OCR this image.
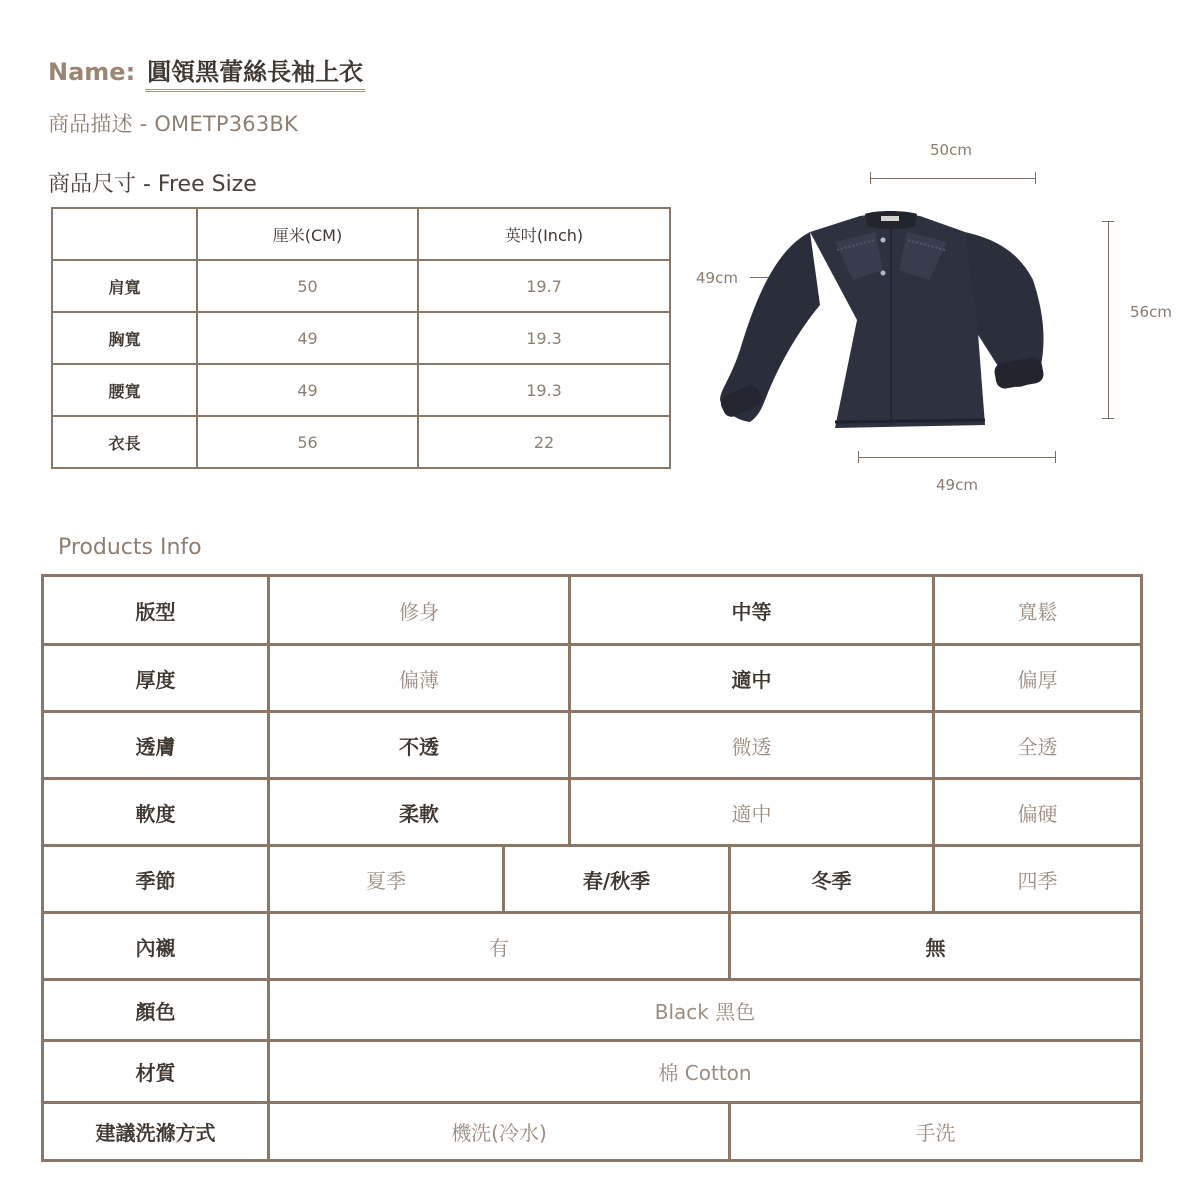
Name: 圓領黑蕾絲長袖上衣
商品描述 - OMETP363BK
商品尺寸 - Free Size
	厘米(CM)	英吋(Inch)
肩寬	50	19.7
胸寬	49	19.3
腰寬	49	19.3
衣長	56	22
50cm
49cm
56cm
49cm
Products Info
版型	修身		中等		寬鬆
厚度	偏薄		適中		偏厚
透膚	不透		微透		全透
軟度	柔軟		適中		偏硬
季節	夏季	春/秋季		冬季	四季
內襯	有			無	
顏色	Black 黑色				
材質	棉 Cotton				
建議洗滌方式	機洗(冷水)			手洗	
